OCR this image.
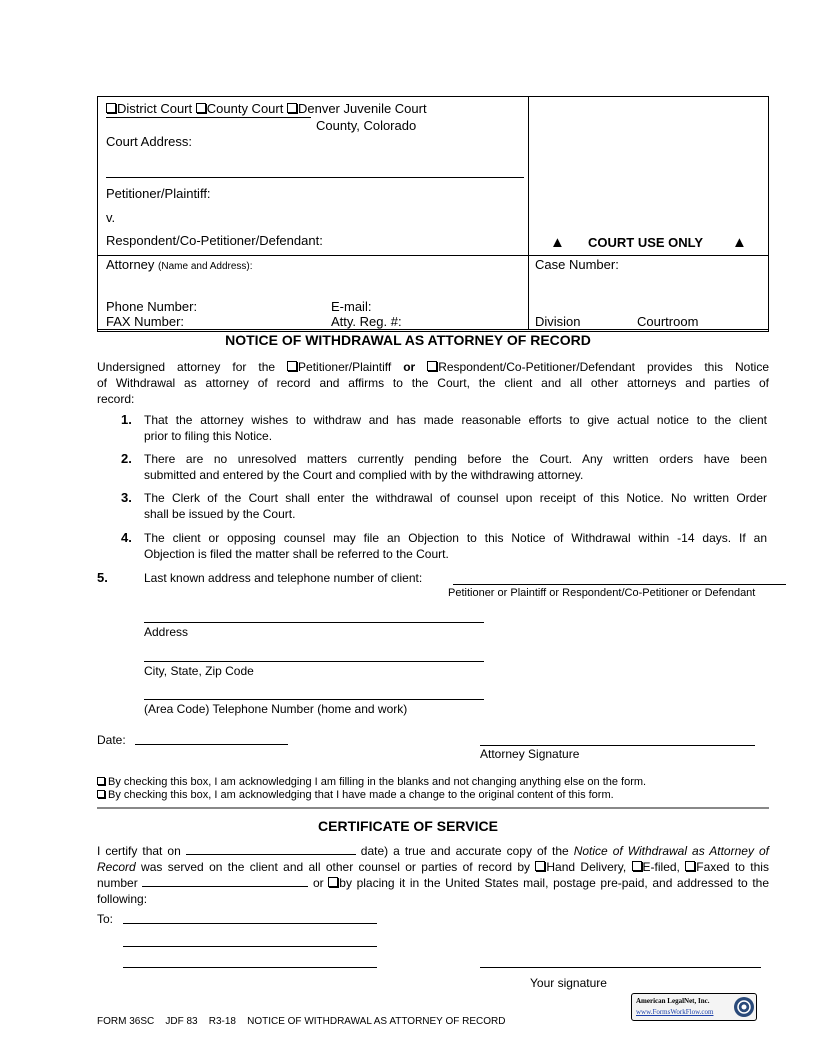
District Court County Court Denver Juvenile Court
County, Colorado
Court Address:
Petitioner/Plaintiff:
v.
Respondent/Co-Petitioner/Defendant:	▲ COURT USE ONLY ▲
Attorney (Name and Address):
Phone Number:	E-mail:
FAX Number:	Atty. Reg. #:
Case Number:
Division	Courtroom
NOTICE OF WITHDRAWAL AS ATTORNEY OF RECORD
Undersigned attorney for the Petitioner/Plaintiff or Respondent/Co-Petitioner/Defendant provides this Notice
of Withdrawal as attorney of record and affirms to the Court, the client and all other attorneys and parties of
record:
1. That the attorney wishes to withdraw and has made reasonable efforts to give actual notice to the client
prior to filing this Notice.
2. There are no unresolved matters currently pending before the Court. Any written orders have been
submitted and entered by the Court and complied with by the withdrawing attorney.
3. The Clerk of the Court shall enter the withdrawal of counsel upon receipt of this Notice. No written Order
shall be issued by the Court.
4. The client or opposing counsel may file an Objection to this Notice of Withdrawal within -14 days. If an
Objection is filed the matter shall be referred to the Court.
5.	Last known address and telephone number of client:
Petitioner or Plaintiff or Respondent/Co-Petitioner or Defendant
Address
City, State, Zip Code
(Area Code) Telephone Number (home and work)
Date:
Attorney Signature
By checking this box, I am acknowledging I am filling in the blanks and not changing anything else on the form.
By checking this box, I am acknowledging that I have made a change to the original content of this form.
CERTIFICATE OF SERVICE
I certify that on	date) a true and accurate copy of the Notice of Withdrawal as Attorney of
Record was served on the client and all other counsel or parties of record by Hand Delivery, E-filed, Faxed to this
number	or by placing it in the United States mail, postage pre-paid, and addressed to the
following:
To:
Your signature
FORM 36SC JDF 83 R3-18 NOTICE OF WITHDRAWAL AS ATTORNEY OF RECORD
American LegalNet, Inc.
www.FormsWorkFlow.com
